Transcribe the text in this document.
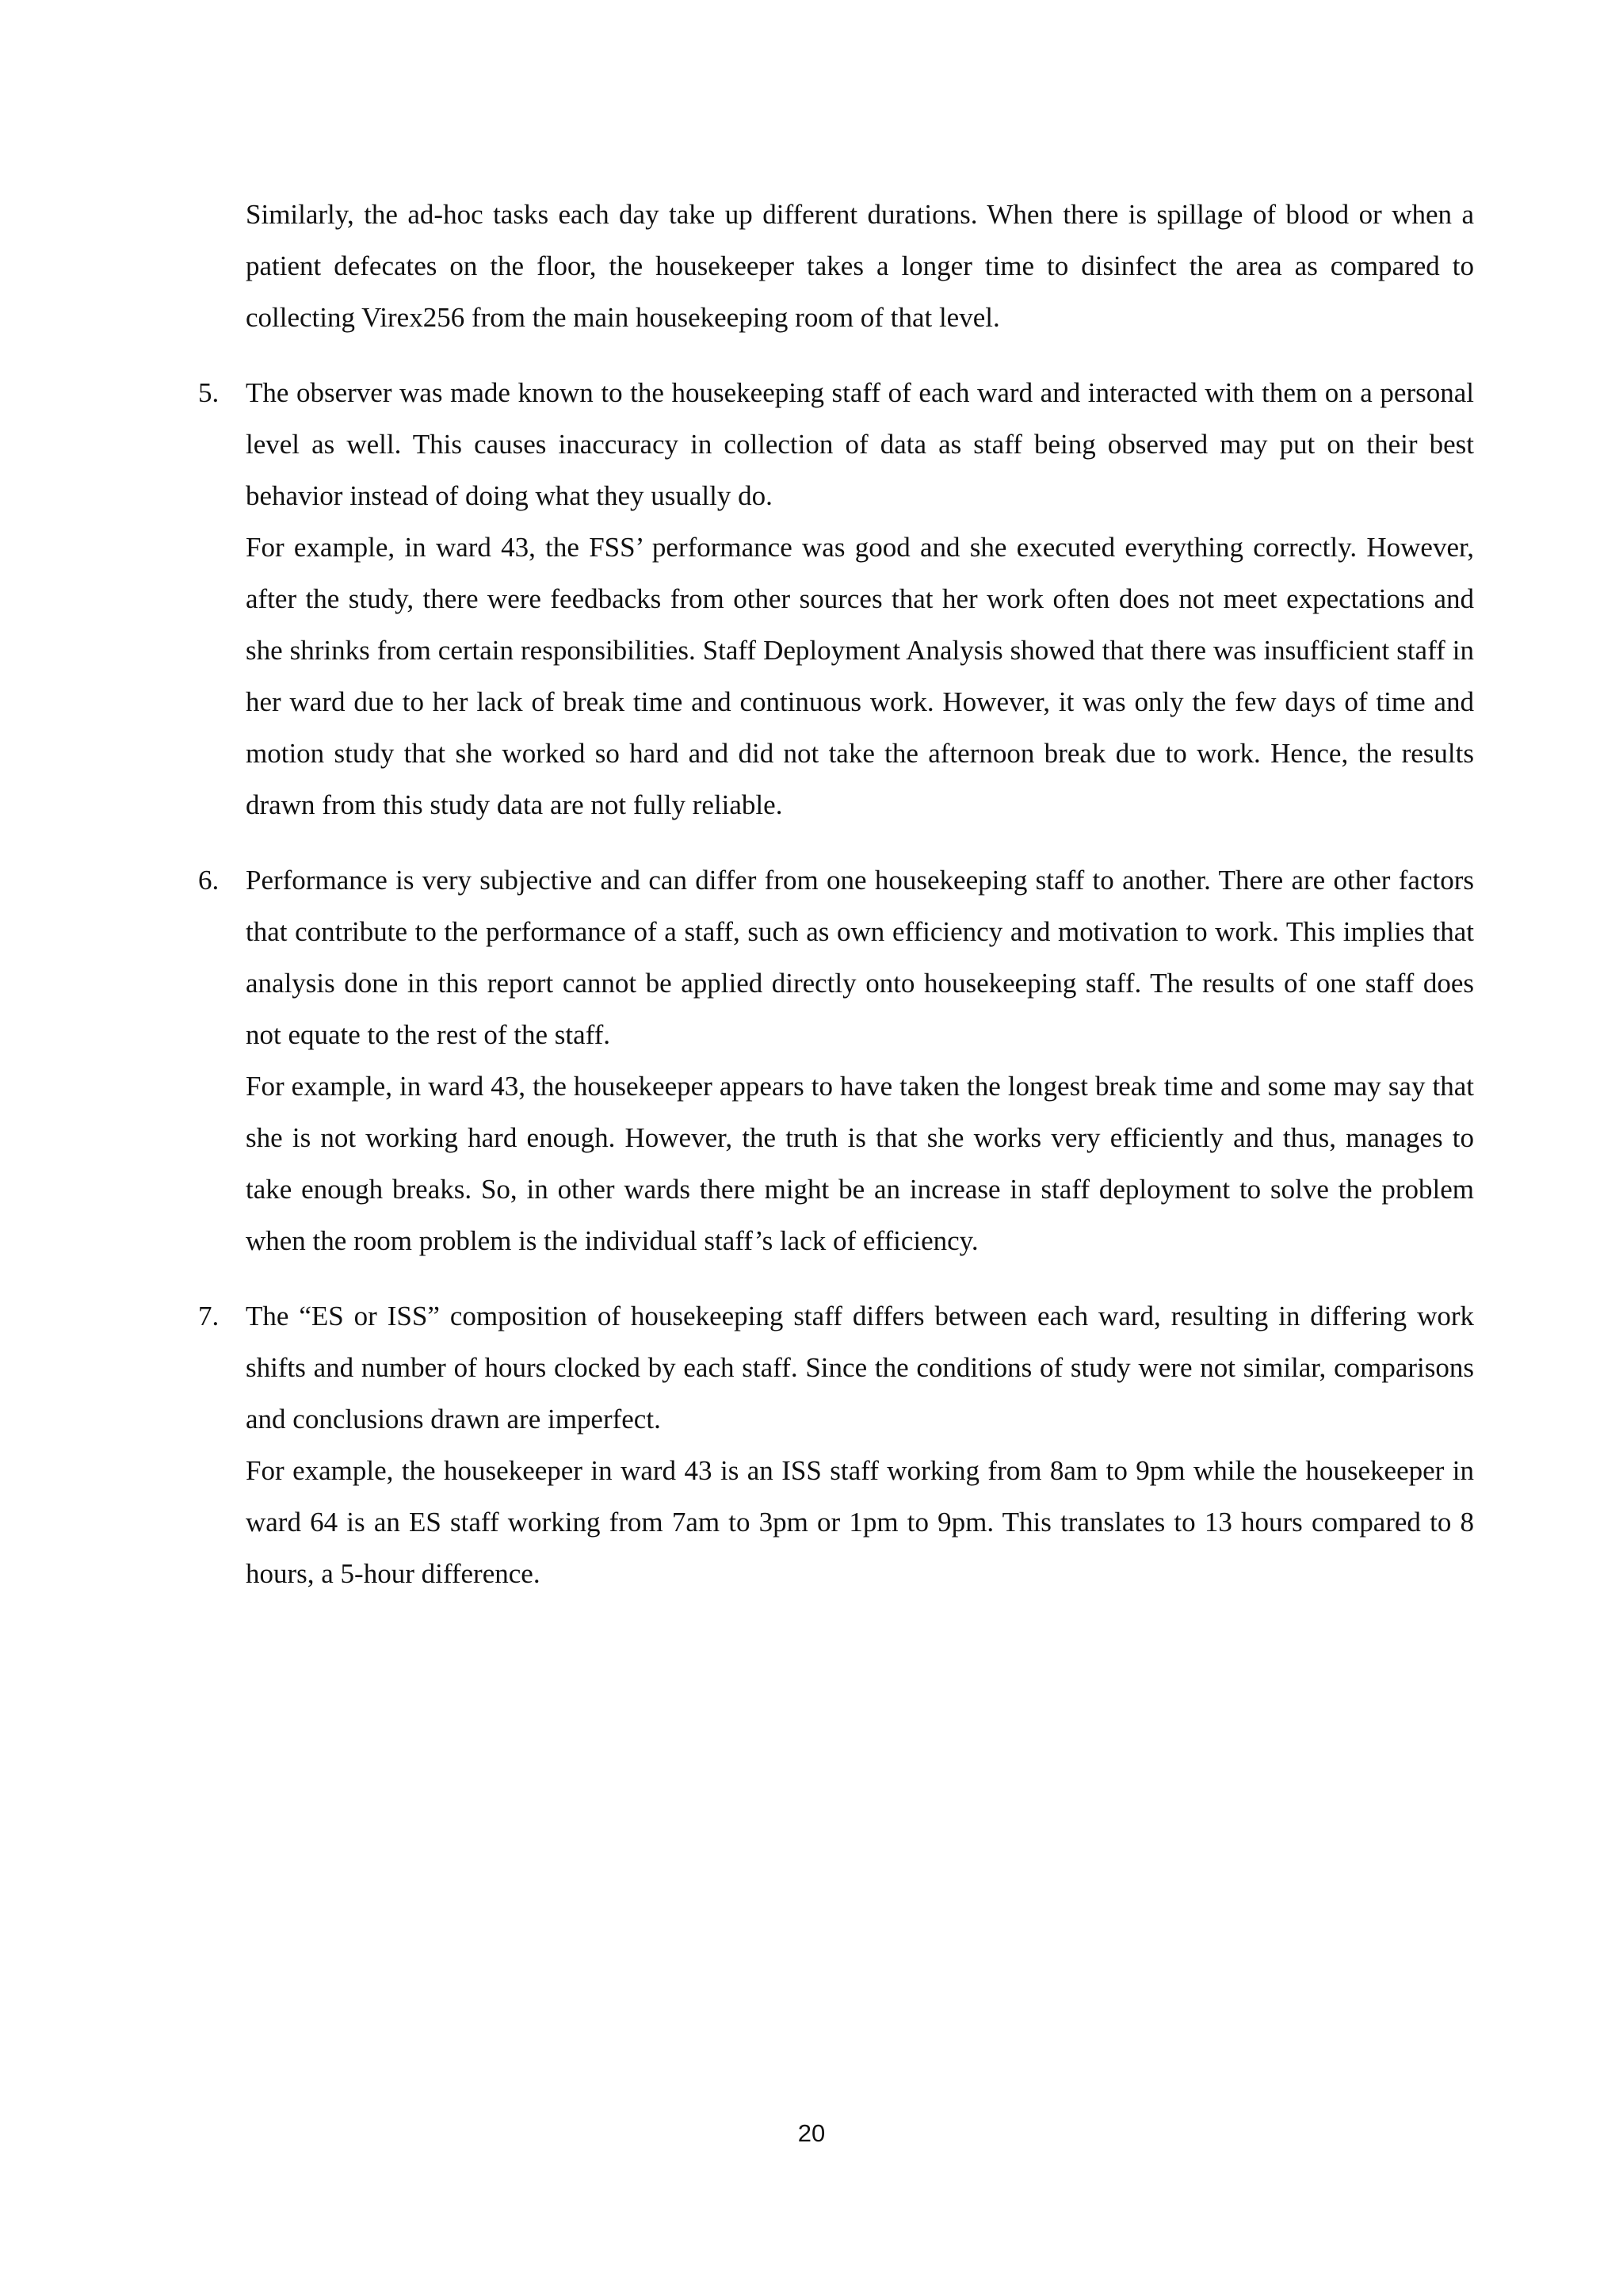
Similarly, the ad-hoc tasks each day take up different durations. When there is spillage of blood or when a patient defecates on the floor, the housekeeper takes a longer time to disinfect the area as compared to collecting Virex256 from the main housekeeping room of that level.

5. The observer was made known to the housekeeping staff of each ward and interacted with them on a personal level as well. This causes inaccuracy in collection of data as staff being observed may put on their best behavior instead of doing what they usually do.

For example, in ward 43, the FSS’ performance was good and she executed everything correctly. However, after the study, there were feedbacks from other sources that her work often does not meet expectations and she shrinks from certain responsibilities. Staff Deployment Analysis showed that there was insufficient staff in her ward due to her lack of break time and continuous work. However, it was only the few days of time and motion study that she worked so hard and did not take the afternoon break due to work. Hence, the results drawn from this study data are not fully reliable.

6. Performance is very subjective and can differ from one housekeeping staff to another. There are other factors that contribute to the performance of a staff, such as own efficiency and motivation to work. This implies that analysis done in this report cannot be applied directly onto housekeeping staff. The results of one staff does not equate to the rest of the staff.

For example, in ward 43, the housekeeper appears to have taken the longest break time and some may say that she is not working hard enough. However, the truth is that she works very efficiently and thus, manages to take enough breaks. So, in other wards there might be an increase in staff deployment to solve the problem when the room problem is the individual staff’s lack of efficiency.

7. The “ES or ISS” composition of housekeeping staff differs between each ward, resulting in differing work shifts and number of hours clocked by each staff. Since the conditions of study were not similar, comparisons and conclusions drawn are imperfect.

For example, the housekeeper in ward 43 is an ISS staff working from 8am to 9pm while the housekeeper in ward 64 is an ES staff working from 7am to 3pm or 1pm to 9pm. This translates to 13 hours compared to 8 hours, a 5-hour difference.

20
